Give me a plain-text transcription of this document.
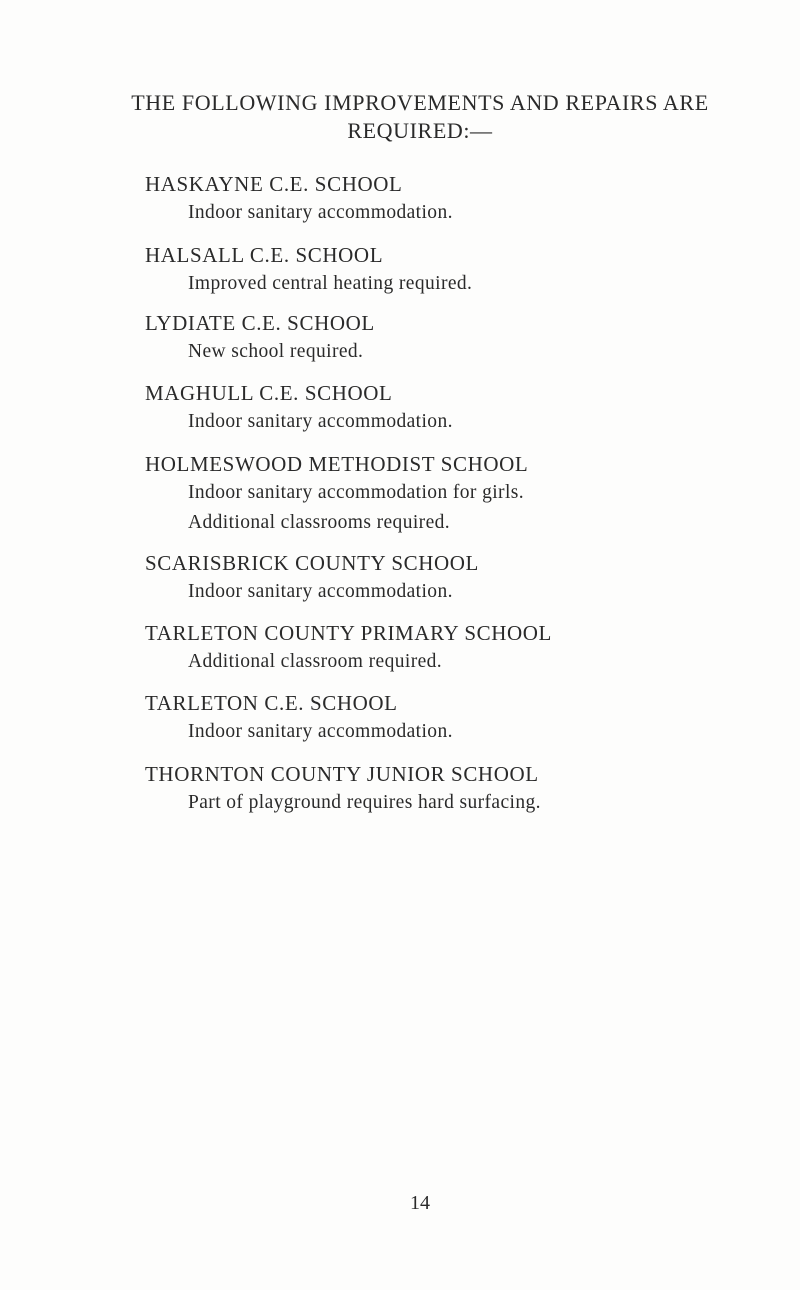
THE FOLLOWING IMPROVEMENTS AND REPAIRS ARE
REQUIRED:—
HASKAYNE C.E. SCHOOL

Indoor sanitary accommodation.

HALSALL C.E. SCHOOL

Improved central heating required.

LYDIATE C.E. SCHOOL

New school required.

MAGHULL C.E. SCHOOL

Indoor sanitary accommodation.

HOLMESWOOD METHODIST SCHOOL

Indoor sanitary accommodation for girls.

Additional classrooms required.

SCARISBRICK COUNTY SCHOOL

Indoor sanitary accommodation.

TARLETON COUNTY PRIMARY SCHOOL

Additional classroom required.

TARLETON C.E. SCHOOL

Indoor sanitary accommodation.

THORNTON COUNTY JUNIOR SCHOOL

Part of playground requires hard surfacing.

14
